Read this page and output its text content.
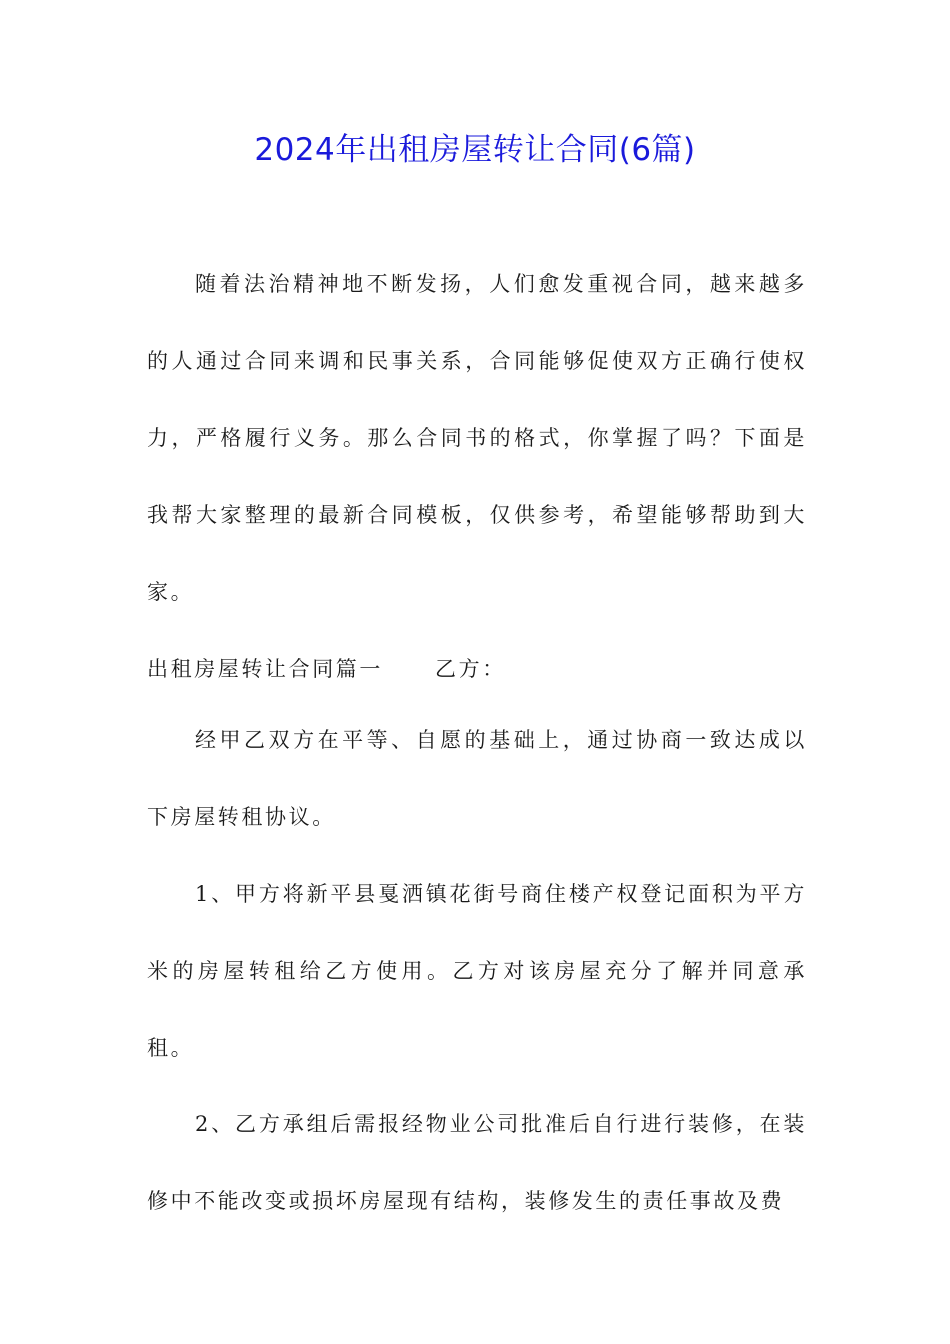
2024年出租房屋转让合同(6篇)

随着法治精神地不断发扬，人们愈发重视合同，越来越多的人通过合同来调和民事关系，合同能够促使双方正确行使权力，严格履行义务。那么合同书的格式，你掌握了吗？下面是我帮大家整理的最新合同模板，仅供参考，希望能够帮助到大家。

出租房屋转让合同篇一 乙方：

经甲乙双方在平等、自愿的基础上，通过协商一致达成以下房屋转租协议。

1、甲方将新平县戛洒镇花街号商住楼产权登记面积为平方米的房屋转租给乙方使用。乙方对该房屋充分了解并同意承租。

2、乙方承组后需报经物业公司批准后自行进行装修，在装修中不能改变或损坏房屋现有结构，装修发生的责任事故及费
